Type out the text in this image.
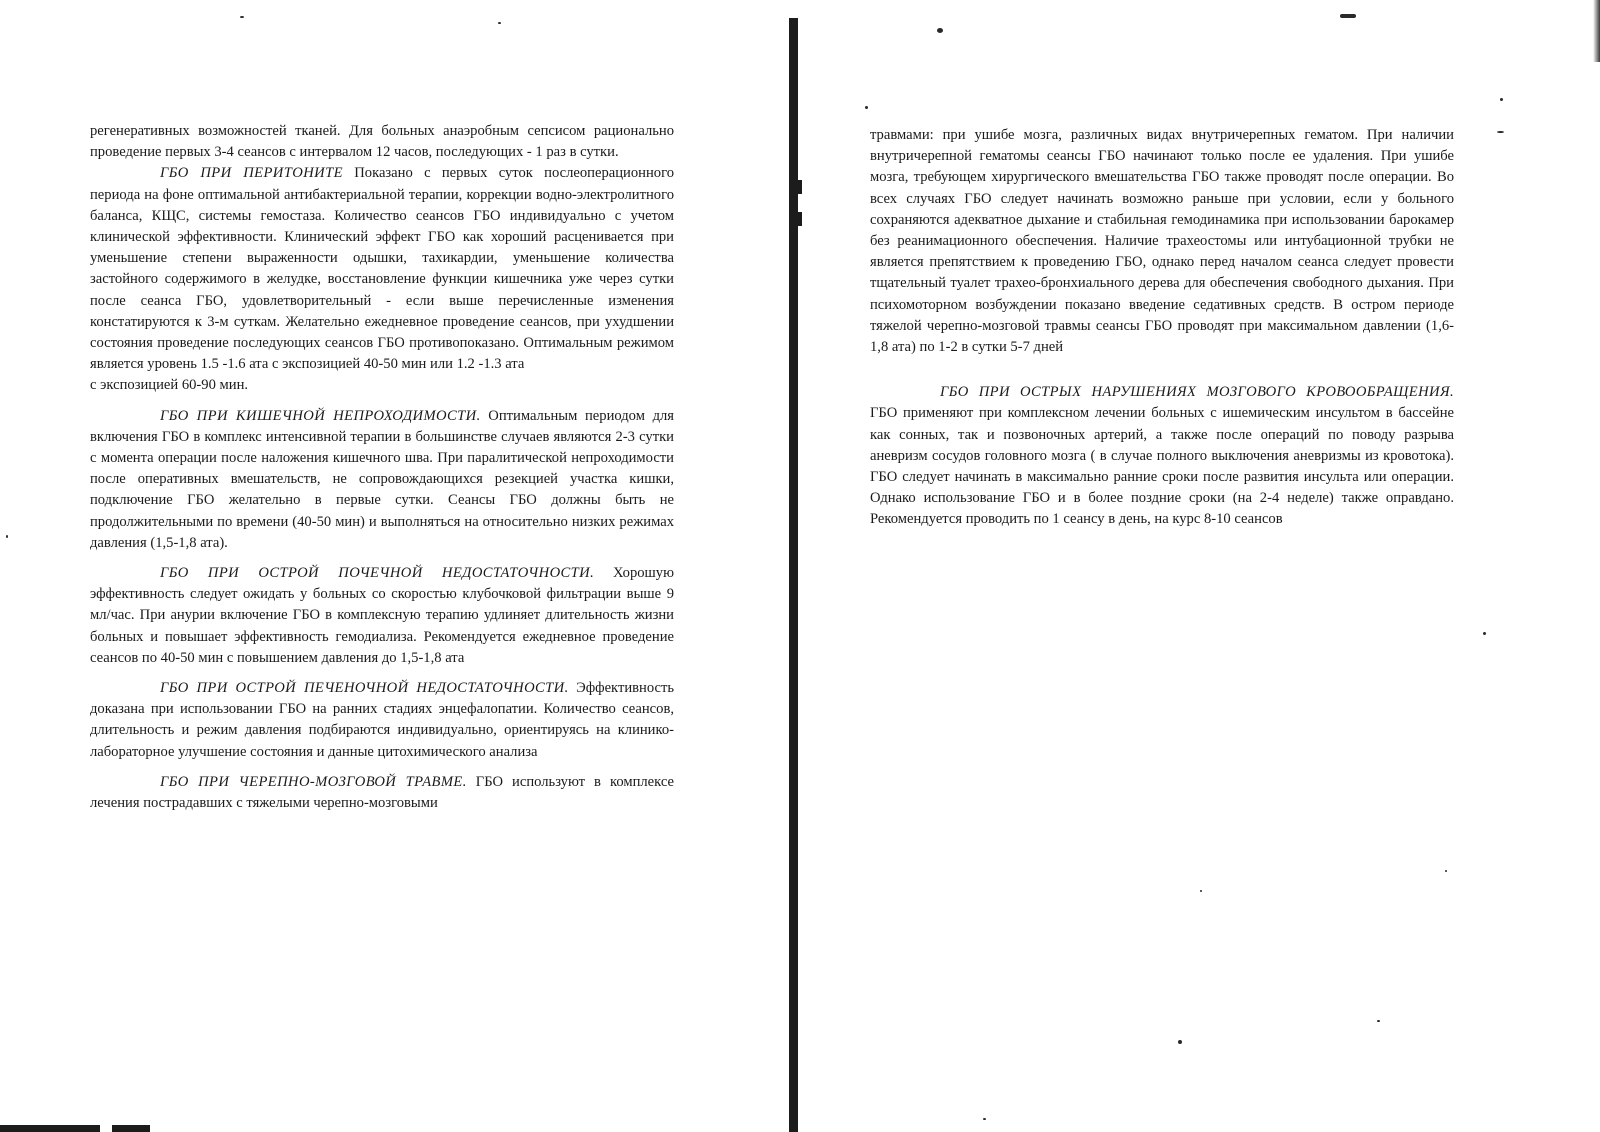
регенеративных возможностей тканей. Для больных анаэробным сепсисом рационально проведение первых 3-4 сеансов с интервалом 12 часов, последующих - 1 раз в сутки.

ГБО ПРИ ПЕРИТОНИТЕ Показано с первых суток послеоперационного периода на фоне оптимальной антибактериальной терапии, коррекции водно-электролитного баланса, КЩС, системы гемостаза. Количество сеансов ГБО индивидуально с учетом клинической эффективности. Клинический эффект ГБО как хороший расценивается при уменьшение степени выраженности одышки, тахикардии, уменьшение количества застойного содержимого в желудке, восстановление функции кишечника уже через сутки после сеанса ГБО, удовлетворительный - если выше перечисленные изменения констатируются к 3-м суткам. Желательно ежедневное проведение сеансов, при ухудшении состояния проведение последующих сеансов ГБО противопоказано. Оптимальным режимом является уровень 1.5 -1.6 ата с экспозицией 40-50 мин или 1.2 -1.3 ата

с экспозицией 60-90 мин.

ГБО ПРИ КИШЕЧНОЙ НЕПРОХОДИМОСТИ. Оптимальным периодом для включения ГБО в комплекс интенсивной терапии в большинстве случаев являются 2-3 сутки с момента операции после наложения кишечного шва. При паралитической непроходимости после оперативных вмешательств, не сопровождающихся резекцией участка кишки, подключение ГБО желательно в первые сутки. Сеансы ГБО должны быть не продолжительными по времени (40-50 мин) и выполняться на относительно низких режимах давления (1,5-1,8 ата).

ГБО ПРИ ОСТРОЙ ПОЧЕЧНОЙ НЕДОСТАТОЧНОСТИ. Хорошую эффективность следует ожидать у больных со скоростью клубочковой фильтрации выше 9 мл/час. При анурии включение ГБО в комплексную терапию удлиняет длительность жизни больных и повышает эффективность гемодиализа. Рекомендуется ежедневное проведение сеансов по 40-50 мин с повышением давления до 1,5-1,8 ата

ГБО ПРИ ОСТРОЙ ПЕЧЕНОЧНОЙ НЕДОСТАТОЧНОСТИ. Эффективность доказана при использовании ГБО на ранних стадиях энцефалопатии. Количество сеансов, длительность и режим давления подбираются индивидуально, ориентируясь на клинико-лабораторное улучшение состояния и данные цитохимического анализа

ГБО ПРИ ЧЕРЕПНО-МОЗГОВОЙ ТРАВМЕ. ГБО используют в комплексе лечения пострадавших с тяжелыми черепно-мозговыми

травмами: при ушибе мозга, различных видах внутричерепных гематом. При наличии внутричерепной гематомы сеансы ГБО начинают только после ее удаления. При ушибе мозга, требующем хирургического вмешательства ГБО также проводят после операции. Во всех случаях ГБО следует начинать возможно раньше при условии, если у больного сохраняются адекватное дыхание и стабильная гемодинамика при использовании барокамер без реанимационного обеспечения. Наличие трахеостомы или интубационной трубки не является препятствием к проведению ГБО, однако перед началом сеанса следует провести тщательный туалет трахео-бронхиального дерева для обеспечения свободного дыхания. При психомоторном возбуждении показано введение седативных средств. В остром периоде тяжелой черепно-мозговой травмы сеансы ГБО проводят при максимальном давлении (1,6-1,8 ата) по 1-2 в сутки 5-7 дней

ГБО ПРИ ОСТРЫХ НАРУШЕНИЯХ МОЗГОВОГО КРОВООБРАЩЕНИЯ. ГБО применяют при комплексном лечении больных с ишемическим инсультом в бассейне как сонных, так и позвоночных артерий, а также после операций по поводу разрыва аневризм сосудов головного мозга ( в случае полного выключения аневризмы из кровотока). ГБО следует начинать в максимально ранние сроки после развития инсульта или операции. Однако использование ГБО и в более поздние сроки (на 2-4 неделе) также оправдано. Рекомендуется проводить по 1 сеансу в день, на курс 8-10 сеансов
